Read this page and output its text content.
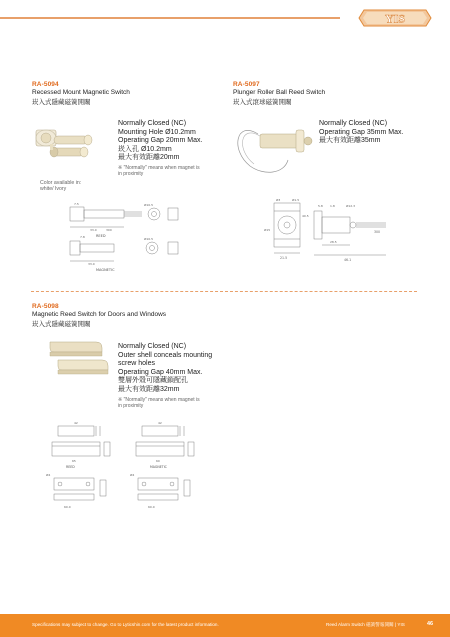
YIS
RA-5094
Recessed Mount Magnetic Switch
崁入式隱藏磁簧開關
Color available in:
white/ Ivory
Normally Closed (NC)
Mounting Hole Ø10.2mm
Operating Gap 20mm Max.
崁入孔 Ø10.2mm
最大有效距離20mm
※ "Normally" means when magnet is
in proximity
7.5
33.0	300
Ø10.5
7.8
33.0
Ø10.5
REED
MAGNETIC
RA-5097
Plunger Roller Ball Reed Switch
崁入式滾球磁簧開關
Normally Closed (NC)
Operating Gap 35mm Max.
最大有效距離35mm
Ø3	Ø1.5
5.8 1.8	Ø12.3
Ø15
40.5
28.5
21.5	46.1
300
RA-5098
Magnetic Reed Switch for Doors and Windows
崁入式隱藏磁簧開關
Normally Closed (NC)
Outer shell conceals mounting
screw holes
Operating Gap 40mm Max.
雙層外殼可隱藏鎖配孔
最大有效距離32mm
※ "Normally" means when magnet is
in proximity
42	42
65	60
Ø4	Ø4
60.0	60.0
REED	MAGNETIC
Specifications may subject to change. Go to Lyticshin.com for the latest product information.	Reed Alarm Switch 磁簧警報開關 | YIS	46
